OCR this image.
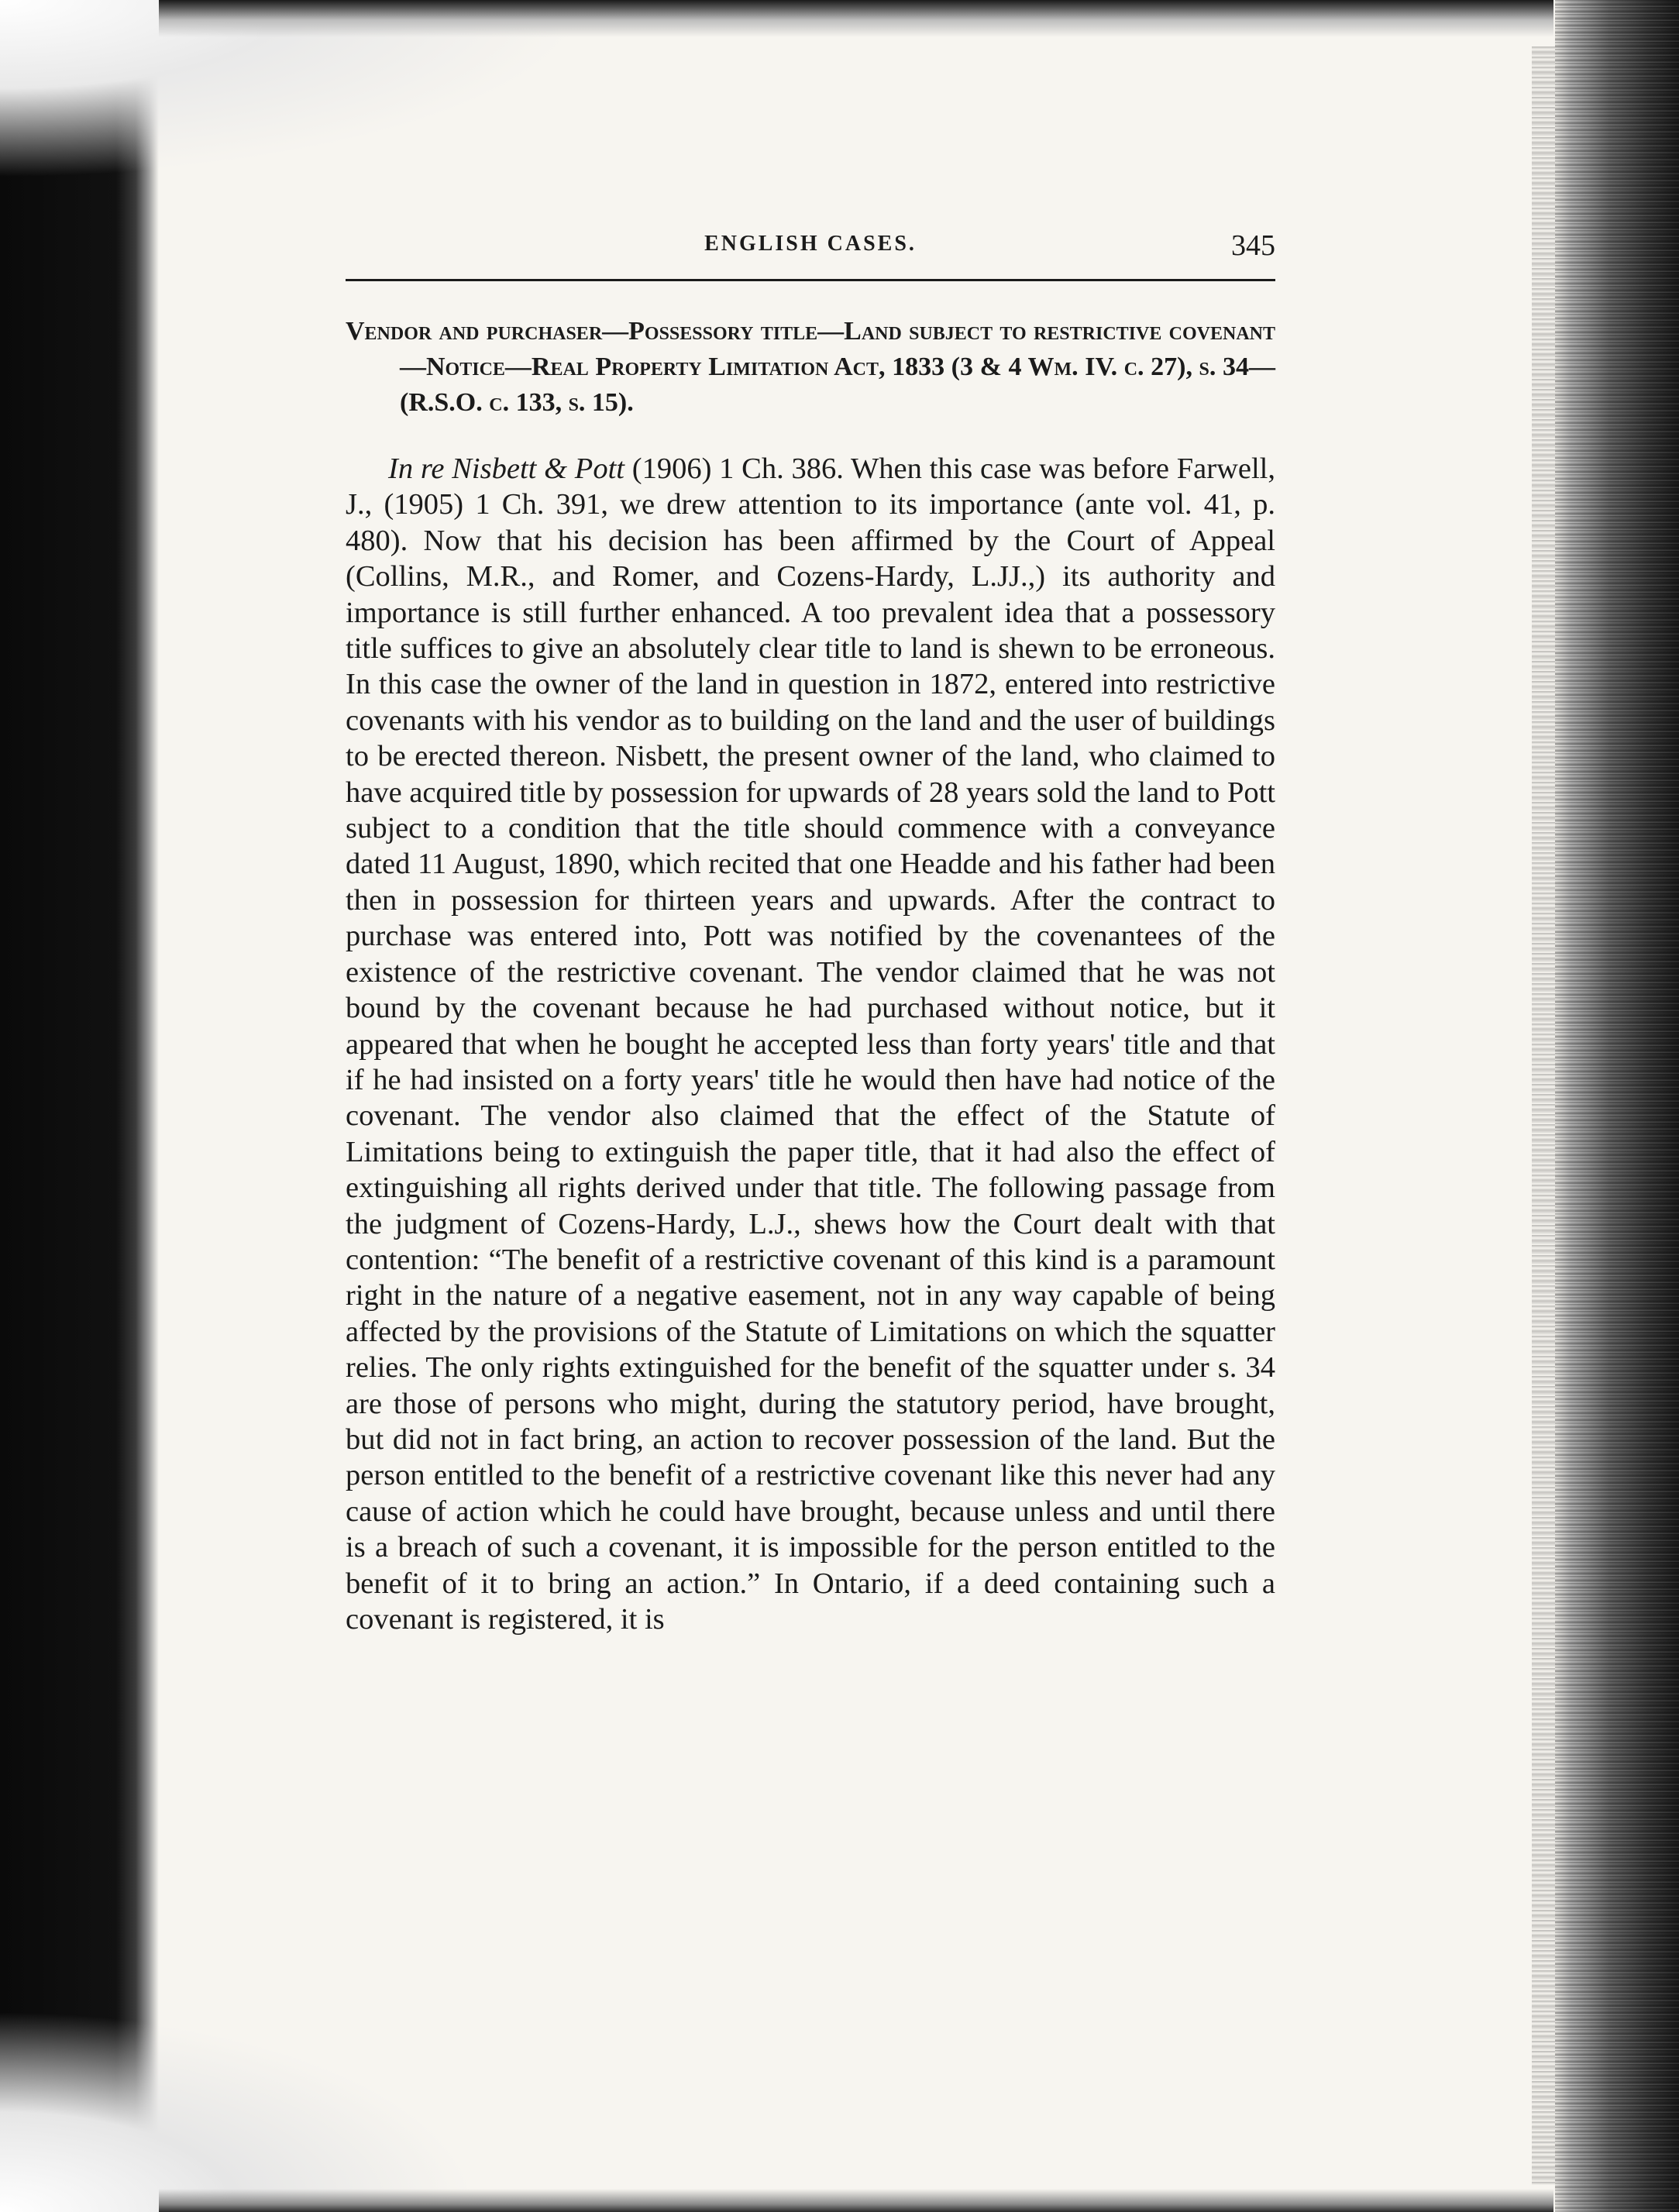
ENGLISH CASES.	345
Vendor and purchaser—Possessory title—Land subject to restrictive covenant—Notice—Real Property Limitation Act, 1833 (3 & 4 Wm. IV. c. 27), s. 34—(R.S.O. c. 133, s. 15).

In re Nisbett & Pott (1906) 1 Ch. 386. When this case was before Farwell, J., (1905) 1 Ch. 391, we drew attention to its importance (ante vol. 41, p. 480). Now that his decision has been affirmed by the Court of Appeal (Collins, M.R., and Romer, and Cozens-Hardy, L.JJ.,) its authority and importance is still further enhanced. A too prevalent idea that a possessory title suffices to give an absolutely clear title to land is shewn to be erroneous. In this case the owner of the land in question in 1872, entered into restrictive covenants with his vendor as to building on the land and the user of buildings to be erected thereon. Nisbett, the present owner of the land, who claimed to have acquired title by possession for upwards of 28 years sold the land to Pott subject to a condition that the title should commence with a conveyance dated 11 August, 1890, which recited that one Headde and his father had been then in possession for thirteen years and upwards. After the contract to purchase was entered into, Pott was notified by the covenantees of the existence of the restrictive covenant. The vendor claimed that he was not bound by the covenant because he had purchased without notice, but it appeared that when he bought he accepted less than forty years' title and that if he had insisted on a forty years' title he would then have had notice of the covenant. The vendor also claimed that the effect of the Statute of Limitations being to extinguish the paper title, that it had also the effect of extinguishing all rights derived under that title. The following passage from the judgment of Cozens-Hardy, L.J., shews how the Court dealt with that contention: “The benefit of a restrictive covenant of this kind is a paramount right in the nature of a negative easement, not in any way capable of being affected by the provisions of the Statute of Limitations on which the squatter relies. The only rights extinguished for the benefit of the squatter under s. 34 are those of persons who might, during the statutory period, have brought, but did not in fact bring, an action to recover possession of the land. But the person entitled to the benefit of a restrictive covenant like this never had any cause of action which he could have brought, because unless and until there is a breach of such a covenant, it is impossible for the person entitled to the benefit of it to bring an action.” In Ontario, if a deed containing such a covenant is registered, it is
